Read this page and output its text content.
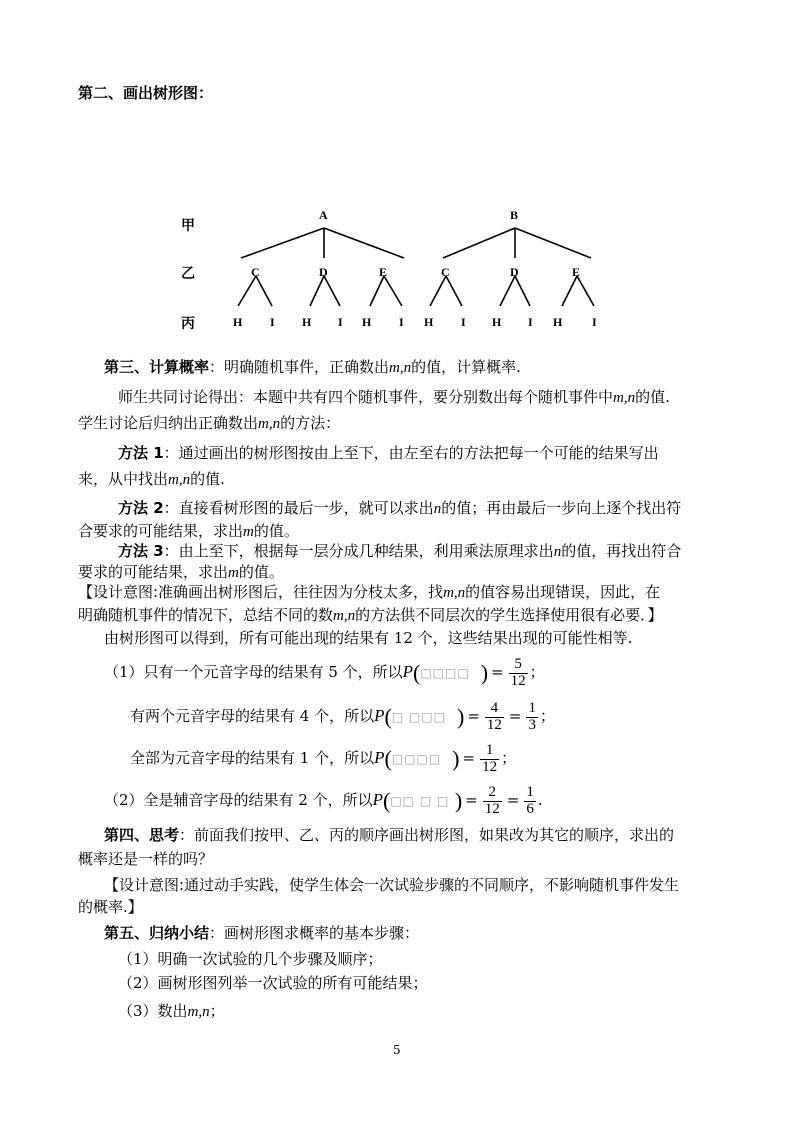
第二、画出树形图：
甲
乙
丙
A	B
C	D	E	C	D	E
H I H I H I H I H I H I
第三、计算概率：明确随机事件，正确数出m,n的值，计算概率.
师生共同讨论得出：本题中共有四个随机事件，要分别数出每个随机事件中m,n的值.
学生讨论后归纳出正确数出m,n的方法：
方法 1：通过画出的树形图按由上至下，由左至右的方法把每一个可能的结果写出
来，从中找出m,n的值.
方法 2：直接看树形图的最后一步，就可以求出n的值；再由最后一步向上逐个找出符
合要求的可能结果，求出m的值。
方法 3：由上至下，根据每一层分成几种结果，利用乘法原理求出n的值，再找出符合
要求的可能结果，求出m的值。
【设计意图:准确画出树形图后，往往因为分枝太多，找m,n的值容易出现错误，因此，在
明确随机事件的情况下，总结不同的数m,n的方法供不同层次的学生选择使用很有必要．】
由树形图可以得到，所有可能出现的结果有 12 个，这些结果出现的可能性相等.
（1）只有一个元音字母的结果有 5 个，所以P(□□□□  ) = $\frac{5}{12}$ ；
有两个元音字母的结果有 4 个，所以P(□ □□□  ) = $\frac{4}{12} = \frac{1}{3}$ ；
全部为元音字母的结果有 1 个，所以P(□□□□  ) = $\frac{1}{12}$ ；
（2）全是辅音字母的结果有 2 个，所以P(□□ □ □ ) = $\frac{2}{12} = \frac{1}{6}$ .
第四、思考：前面我们按甲、乙、丙的顺序画出树形图，如果改为其它的顺序，求出的
概率还是一样的吗？
【设计意图:通过动手实践，使学生体会一次试验步骤的不同顺序，不影响随机事件发生
的概率.】
第五、归纳小结：画树形图求概率的基本步骤：
（1）明确一次试验的几个步骤及顺序；
（2）画树形图列举一次试验的所有可能结果；
（3）数出m,n；
5
